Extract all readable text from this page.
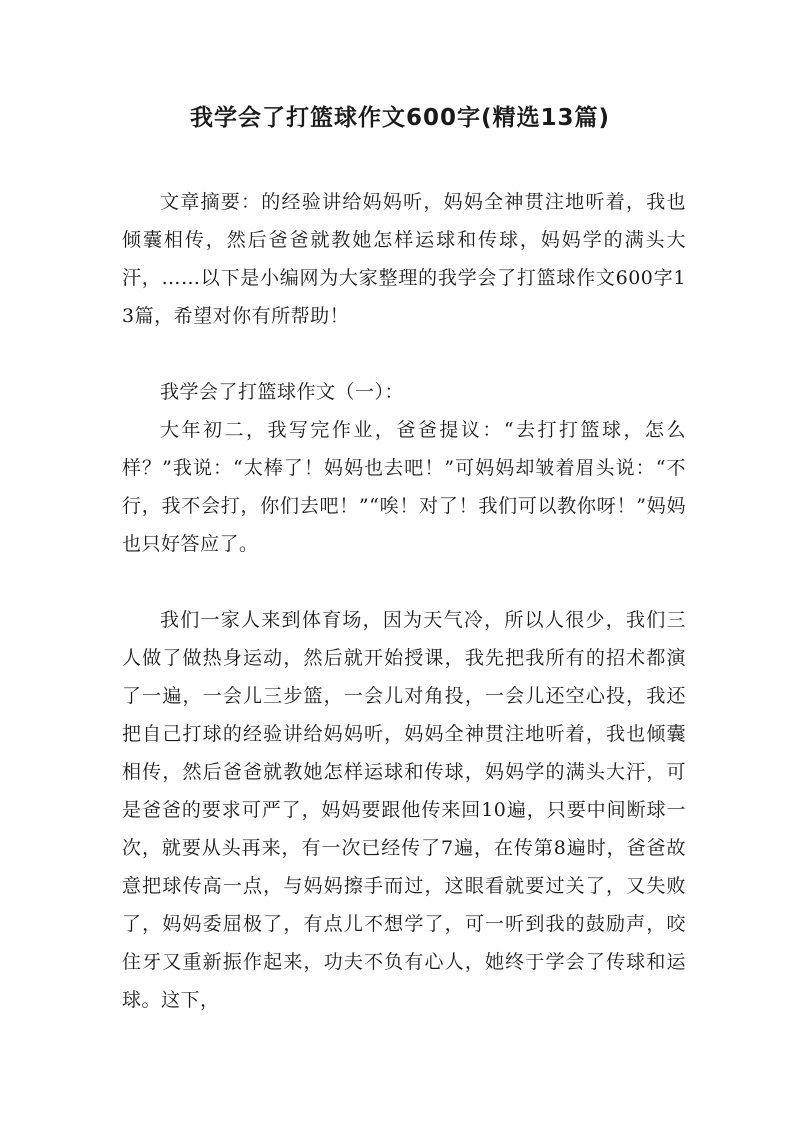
我学会了打篮球作文600字(精选13篇)

文章摘要：的经验讲给妈妈听，妈妈全神贯注地听着，我也倾囊相传，然后爸爸就教她怎样运球和传球，妈妈学的满头大汗，……以下是小编网为大家整理的我学会了打篮球作文600字13篇，希望对你有所帮助！

我学会了打篮球作文（一）：

大年初二，我写完作业，爸爸提议：“去打打篮球，怎么样？”我说：“太棒了！妈妈也去吧！”可妈妈却皱着眉头说：“不行，我不会打，你们去吧！”“唉！对了！我们可以教你呀！”妈妈也只好答应了。

我们一家人来到体育场，因为天气冷，所以人很少，我们三人做了做热身运动，然后就开始授课，我先把我所有的招术都演了一遍，一会儿三步篮，一会儿对角投，一会儿还空心投，我还把自己打球的经验讲给妈妈听，妈妈全神贯注地听着，我也倾囊相传，然后爸爸就教她怎样运球和传球，妈妈学的满头大汗，可是爸爸的要求可严了，妈妈要跟他传来回10遍，只要中间断球一次，就要从头再来，有一次已经传了7遍，在传第8遍时，爸爸故意把球传高一点，与妈妈擦手而过，这眼看就要过关了，又失败了，妈妈委屈极了，有点儿不想学了，可一听到我的鼓励声，咬住牙又重新振作起来，功夫不负有心人，她终于学会了传球和运球。这下，
